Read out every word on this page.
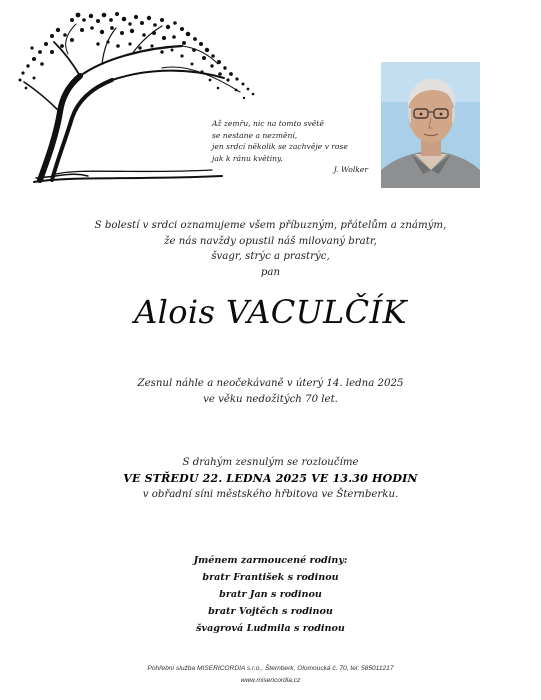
Až zemřu, nic na tomto světě
se nestane a nezmění,
jen srdcí několik se zachvěje v rose
jak k ránu květiny.
J. Wolker
S bolestí v srdci oznamujeme všem příbuzným, přátelům a známým,
že nás navždy opustil náš milovaný bratr,
švagr, strýc a prastrýc,
pan
Alois VACULČÍK
Zesnul náhle a neočekávaně v úterý 14. ledna 2025
ve věku nedožitých 70 let.
S drahým zesnulým se rozloučíme
VE STŘEDU 22. LEDNA 2025 VE 13.30 HODIN
v obřadní síni městského hřbitova ve Šternberku.
Jménem zarmoucené rodiny:
bratr František s rodinou
bratr Jan s rodinou
bratr Vojtěch s rodinou
švagrová Ludmila s rodinou
Pohřební služba MISERICORDIA s.r.o., Šternberk, Olomoucká č. 70, tel: 585011217
www.misericordia.cz
